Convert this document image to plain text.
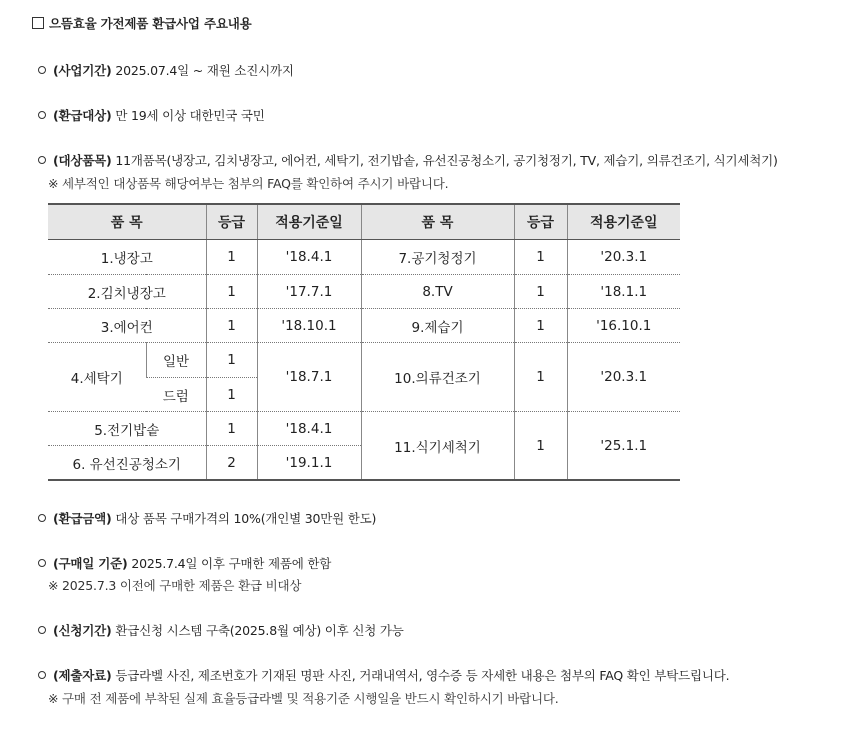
으뜸효율 가전제품 환급사업 주요내용
(사업기간) 2025.07.4일 ~ 재원 소진시까지
(환급대상) 만 19세 이상 대한민국 국민
(대상품목) 11개품목(냉장고, 김치냉장고, 에어컨, 세탁기, 전기밥솥, 유선진공청소기, 공기청정기, TV, 제습기, 의류건조기, 식기세척기)
※ 세부적인 대상품목 해당여부는 첨부의 FAQ를 확인하여 주시기 바랍니다.
품 목		등급	적용기준일	품 목	등급	적용기준일
1.냉장고		1	'18.4.1	7.공기청정기	1	'20.3.1
2.김치냉장고		1	'17.7.1	8.TV	1	'18.1.1
3.에어컨		1	'18.10.1	9.제습기	1	'16.10.1
4.세탁기	일반	1	'18.7.1	10.의류건조기	1	'20.3.1
	드럼	1				
5.전기밥솥		1	'18.4.1	11.식기세척기	1	'25.1.1
6. 유선진공청소기		2	'19.1.1			
(환급금액) 대상 품목 구매가격의 10%(개인별 30만원 한도)
(구매일 기준) 2025.7.4일 이후 구매한 제품에 한함
※ 2025.7.3 이전에 구매한 제품은 환급 비대상
(신청기간) 환급신청 시스템 구축(2025.8월 예상) 이후 신청 가능
(제출자료) 등급라벨 사진, 제조번호가 기재된 명판 사진, 거래내역서, 영수증 등 자세한 내용은 첨부의 FAQ 확인 부탁드립니다.
※ 구매 전 제품에 부착된 실제 효율등급라벨 및 적용기준 시행일을 반드시 확인하시기 바랍니다.
